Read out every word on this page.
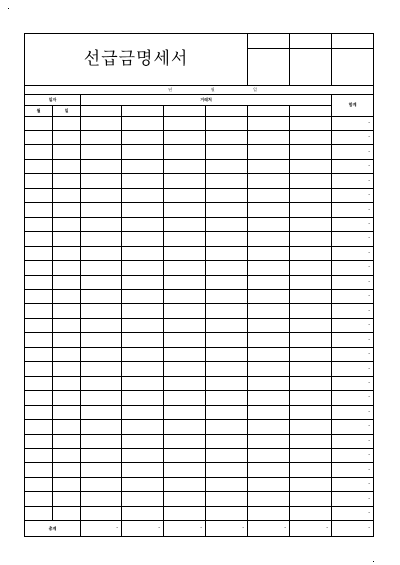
선급금명세서								

년 월 일								
일자		거래처						합계
월	일							
								-
								-
								-
								-
								-
								-
								-
								-
								-
								-
								-
								-
								-
								-
								-
								-
								-
								-
								-
								-
								-
								-
								-
								-
								-
								-
								-
								-
총계		-	-	-	-	-	-	-
